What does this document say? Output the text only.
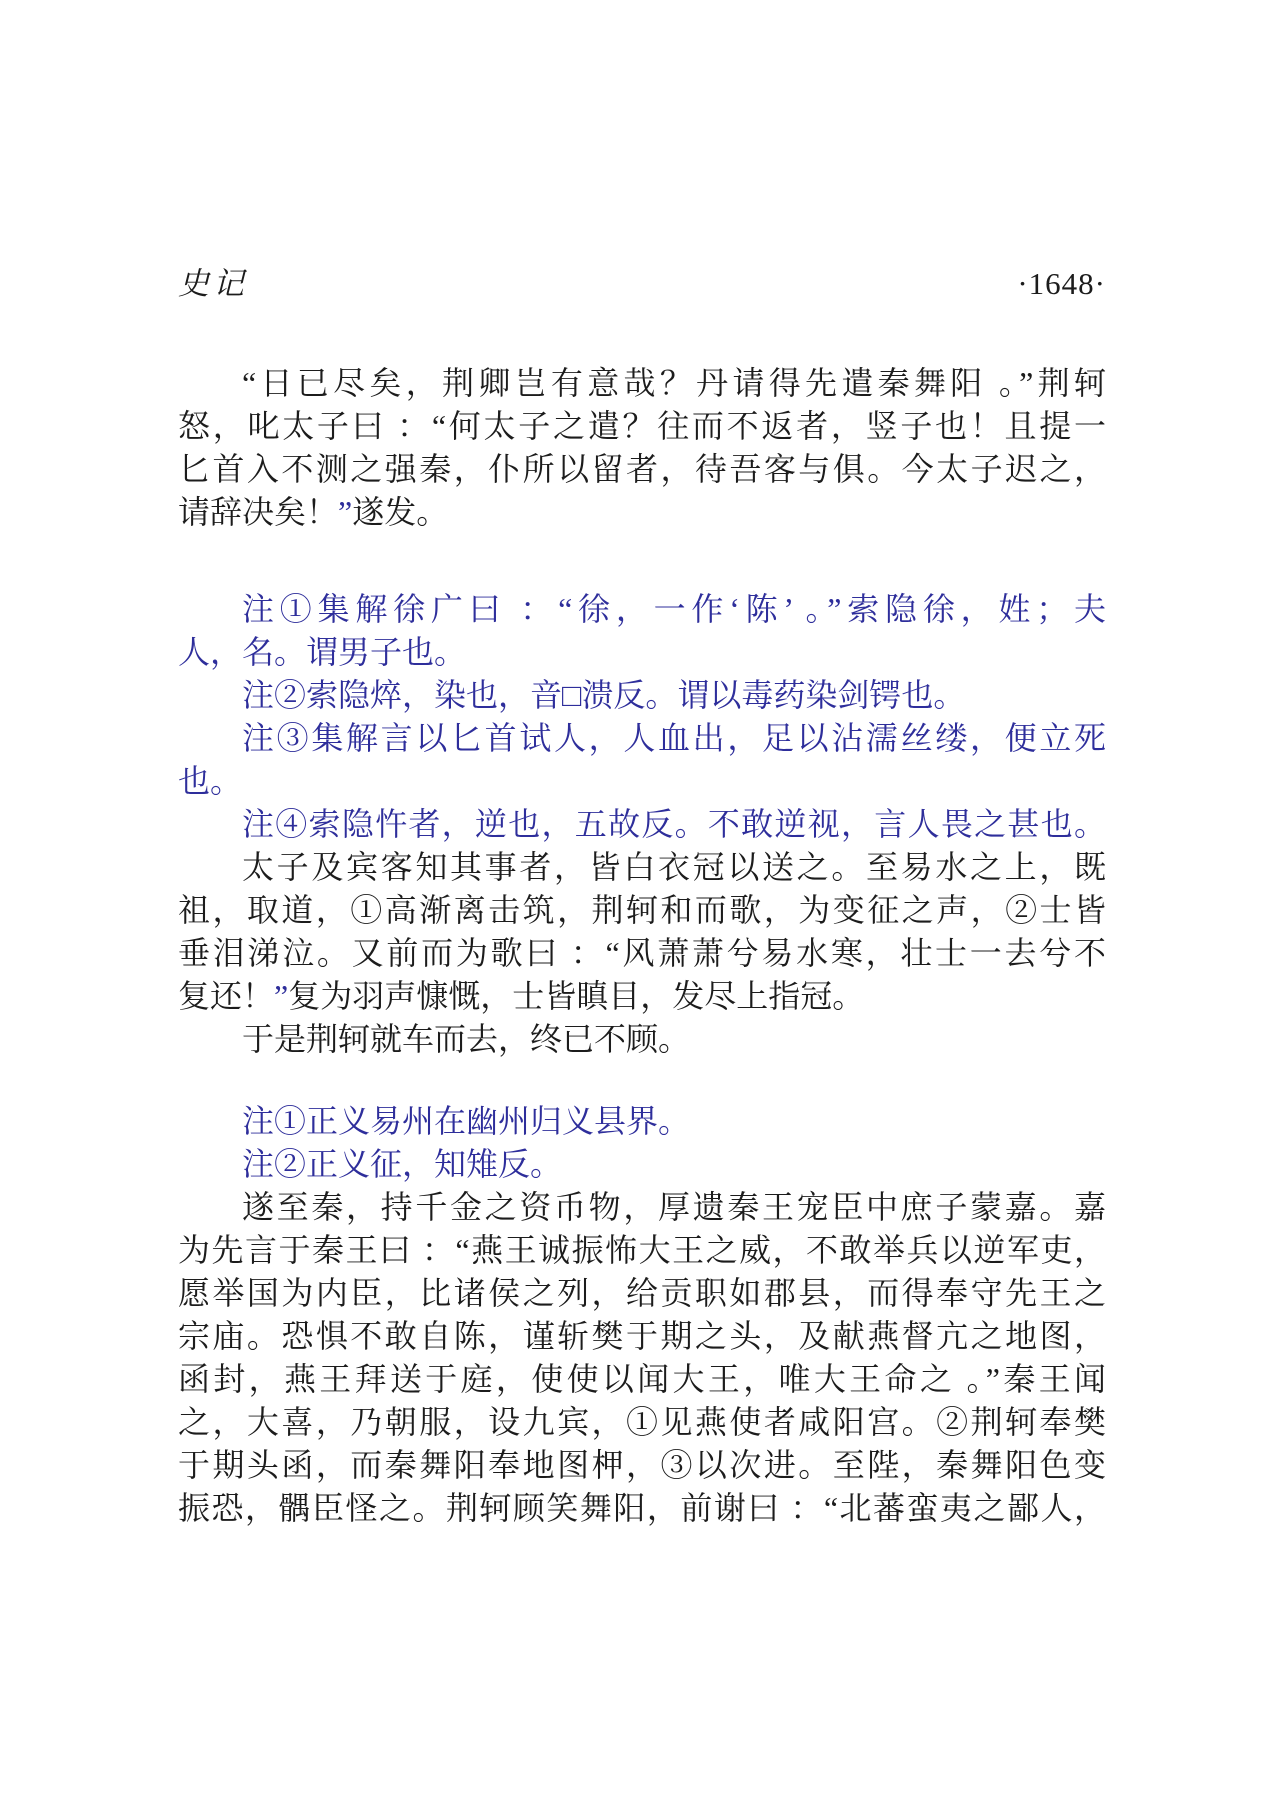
史记	·1648·
“日已尽矣，荆卿岂有意哉？丹请得先遣秦舞阳 。”荆轲
怒，叱太子曰 ：“何太子之遣？往而不返者，竖子也！且提一
匕首入不测之强秦，仆所以留者，待吾客与俱。今太子迟之，
请辞决矣！”遂发。
注①集解徐广曰 ：“徐，一作‘陈’ 。”索隐徐，姓；夫
人，名。谓男子也。
注②索隐焠，染也，音□溃反。谓以毒药染剑锷也。
注③集解言以匕首试人，人血出，足以沾濡丝缕，便立死
也。
注④索隐忤者，逆也，五故反。不敢逆视，言人畏之甚也。
太子及宾客知其事者，皆白衣冠以送之。至易水之上，既
祖，取道，①高渐离击筑，荆轲和而歌，为变征之声，②士皆
垂泪涕泣。又前而为歌曰 ：“风萧萧兮易水寒，壮士一去兮不
复还！”复为羽声慷慨，士皆瞋目，发尽上指冠。
于是荆轲就车而去，终已不顾。
注①正义易州在幽州归义县界。
注②正义征，知雉反。
遂至秦，持千金之资币物，厚遗秦王宠臣中庶子蒙嘉。嘉
为先言于秦王曰 ：“燕王诚振怖大王之威，不敢举兵以逆军吏，
愿举国为内臣，比诸侯之列，给贡职如郡县，而得奉守先王之
宗庙。恐惧不敢自陈，谨斩樊于期之头，及献燕督亢之地图，
函封，燕王拜送于庭，使使以闻大王，唯大王命之 。”秦王闻
之，大喜，乃朝服，设九宾，①见燕使者咸阳宫。②荆轲奉樊
于期头函，而秦舞阳奉地图柙，③以次进。至陛，秦舞阳色变
振恐，髃臣怪之。荆轲顾笑舞阳，前谢曰 ：“北蕃蛮夷之鄙人，
